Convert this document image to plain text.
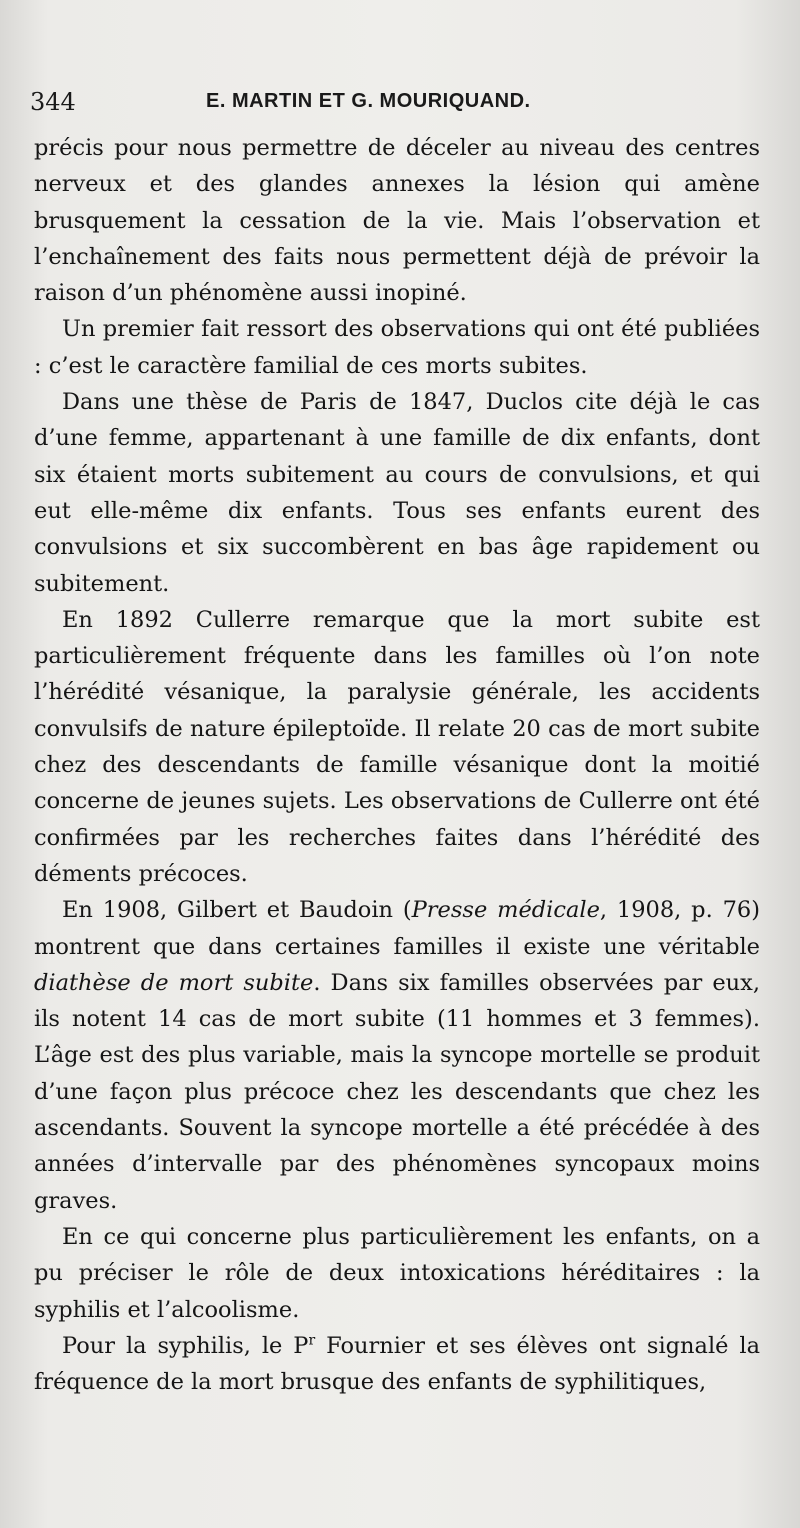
344	E. MARTIN ET G. MOURIQUAND.

précis pour nous permettre de déceler au niveau des centres nerveux et des glandes annexes la lésion qui amène brusquement la cessation de la vie. Mais l’observation et l’enchaînement des faits nous permettent déjà de prévoir la raison d’un phénomène aussi inopiné.

Un premier fait ressort des observations qui ont été publiées : c’est le caractère familial de ces morts subites.

Dans une thèse de Paris de 1847, Duclos cite déjà le cas d’une femme, appartenant à une famille de dix enfants, dont six étaient morts subitement au cours de convulsions, et qui eut elle-même dix enfants. Tous ses enfants eurent des convulsions et six succombèrent en bas âge rapidement ou subitement.

En 1892 Cullerre remarque que la mort subite est particulièrement fréquente dans les familles où l’on note l’hérédité vésanique, la paralysie générale, les accidents convulsifs de nature épileptoïde. Il relate 20 cas de mort subite chez des descendants de famille vésanique dont la moitié concerne de jeunes sujets. Les observations de Cullerre ont été confirmées par les recherches faites dans l’hérédité des déments précoces.

En 1908, Gilbert et Baudoin (Presse médicale, 1908, p. 76) montrent que dans certaines familles il existe une véritable diathèse de mort subite. Dans six familles observées par eux, ils notent 14 cas de mort subite (11 hommes et 3 femmes). L’âge est des plus variable, mais la syncope mortelle se produit d’une façon plus précoce chez les descendants que chez les ascendants. Souvent la syncope mortelle a été précédée à des années d’intervalle par des phénomènes syncopaux moins graves.

En ce qui concerne plus particulièrement les enfants, on a pu préciser le rôle de deux intoxications héréditaires : la syphilis et l’alcoolisme.

Pour la syphilis, le $P^r$ Fournier et ses élèves ont signalé la fréquence de la mort brusque des enfants de syphilitiques,
